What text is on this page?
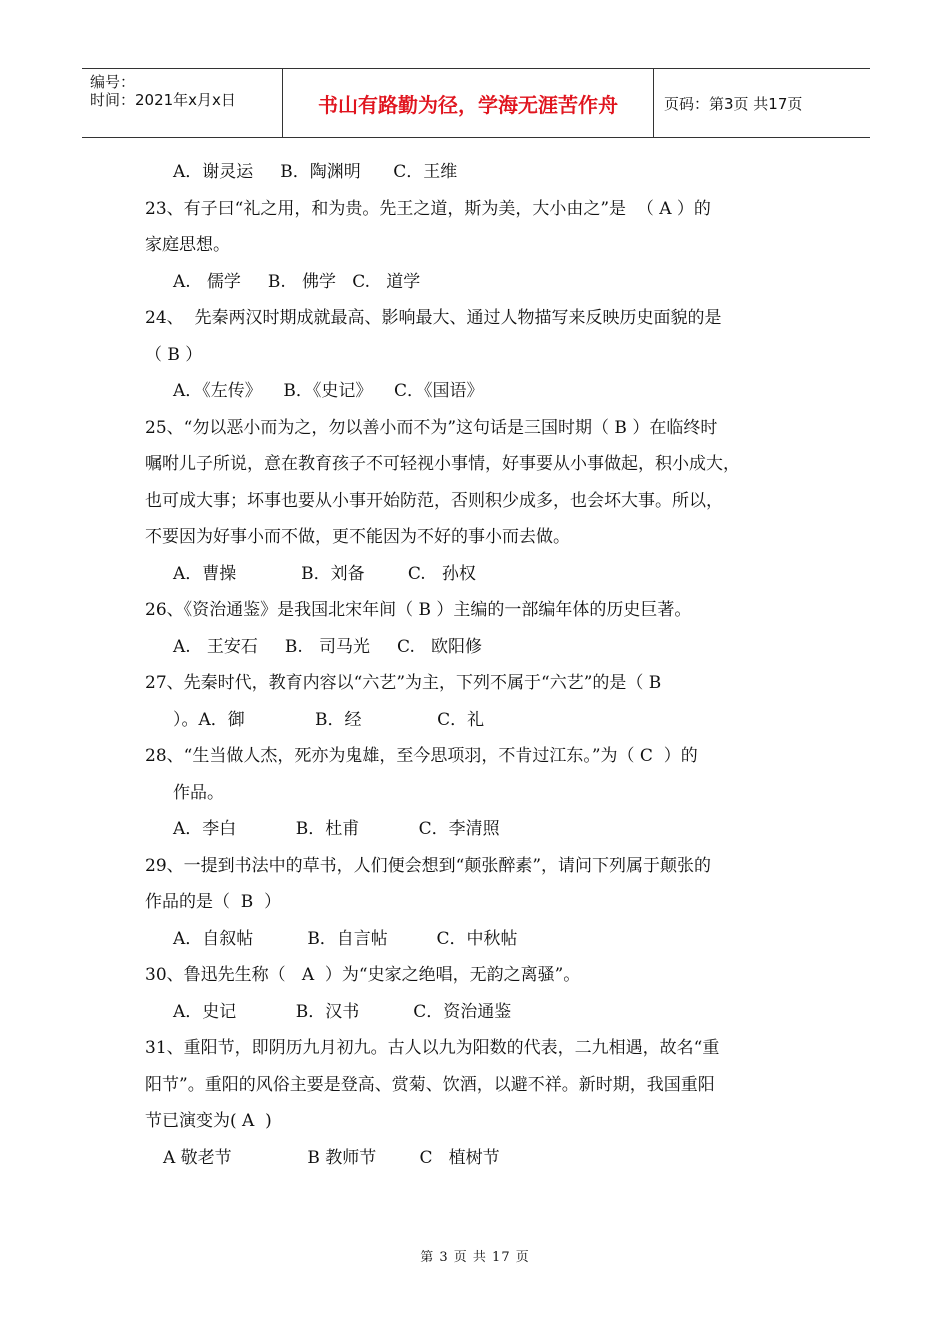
编号：
时间：2021年x月x日	书山有路勤为径，学海无涯苦作舟	页码：第3页 共17页
A．谢灵运     B．陶渊明      C．王维
23、有子曰“礼之用，和为贵。先王之道，斯为美，大小由之”是  （ A ）的
家庭思想。
A.   儒学     B.   佛学   C.   道学
24、  先秦两汉时期成就最高、影响最大、通过人物描写来反映历史面貌的是
（ B ）
A．《左传》    B．《史记》    C．《国语》
25、“勿以恶小而为之，勿以善小而不为”这句话是三国时期（ B ）在临终时
嘱咐儿子所说，意在教育孩子不可轻视小事情，好事要从小事做起，积小成大，
也可成大事；坏事也要从小事开始防范，否则积少成多，也会坏大事。所以，
不要因为好事小而不做，更不能因为不好的事小而去做。
A．曹操            B．刘备        C.   孙权
26、《资治通鉴》是我国北宋年间（ B ）主编的一部编年体的历史巨著。
A.   王安石     B.   司马光     C.   欧阳修
27、先秦时代，教育内容以“六艺”为主，下列不属于“六艺”的是（ B
）。A．御             B．经              C．礼
28、“生当做人杰，死亦为鬼雄，至今思项羽，不肯过江东。”为（ C  ）的
作品。
A．李白           B．杜甫           C．李清照
29、一提到书法中的草书，人们便会想到“颠张醉素”，请问下列属于颠张的
作品的是（  B  ）
A．自叙帖          B．自言帖         C．中秋帖
30、鲁迅先生称（   A  ）为“史家之绝唱，无韵之离骚”。
A．史记           B．汉书          C．资治通鉴
31、重阳节，即阴历九月初九。古人以九为阳数的代表，二九相遇，故名“重
阳节”。重阳的风俗主要是登高、赏菊、饮酒，以避不祥。新时期，我国重阳
节已演变为( A  )
A 敬老节              B 教师节        C   植树节
第 3 页 共 17 页
